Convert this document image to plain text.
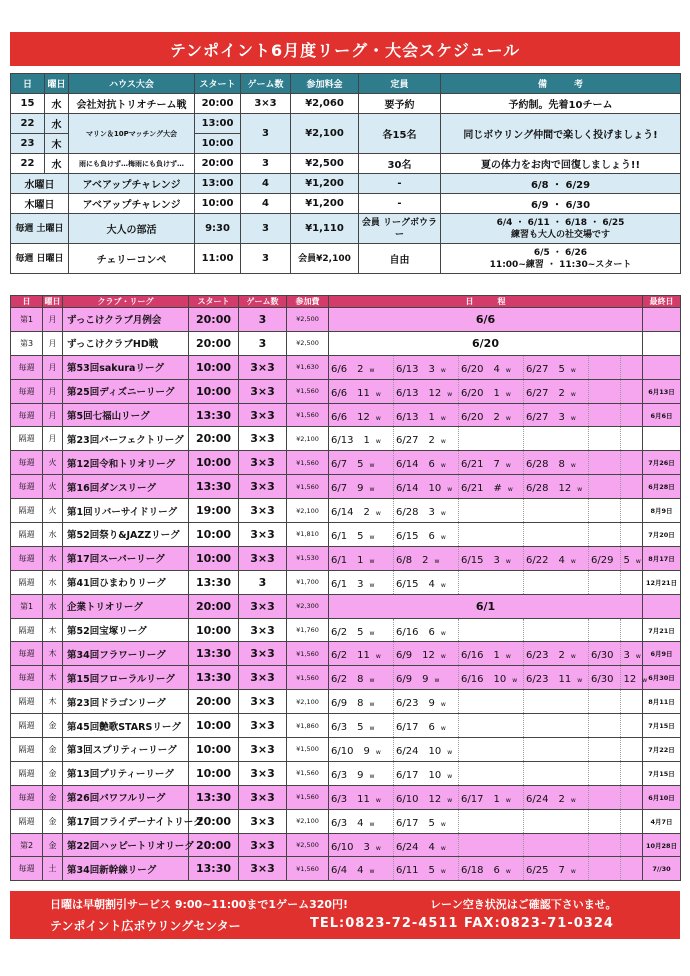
テンポイント6月度リーグ・大会スケジュール
日	曜日	ハウス大会	スタート	ゲーム数	参加料金	定員	備　　　考
15	水	会社対抗トリオチーム戦	20:00	3×3	¥2,060	要予約	予約制。先着10チーム
22	水	マリン＆10Pマッチング大会	13:00	3	¥2,100	各15名	同じボウリング仲間で楽しく投げましょう!
23	木		10:00				
22	水	雨にも負けず…梅雨にも負けず…	20:00	3	¥2,500	30名	夏の体力をお肉で回復しましょう!!
水曜日		アベアップチャレンジ	13:00	4	¥1,200	-	6/8 ・ 6/29
木曜日		アベアップチャレンジ	10:00	4	¥1,200	-	6/9 ・ 6/30
毎週 土曜日		大人の部活	9:30	3	¥1,110	会員 リーグボウラー	6/4 ・ 6/11 ・ 6/18 ・ 6/25
練習も大人の社交場です

毎週 日曜日		チェリーコンペ	11:00	3	会員¥2,100	自由	6/5 ・ 6/26
11:00~練習 ・ 11:30~スタート
日	曜日	クラブ・リーグ	スタート	ゲーム数	参加費	日　　　程						最終日
第1	月	ずっこけクラブ月例会	20:00	3	¥2,500	6/6						
第3	月	ずっこけクラブHD戦	20:00	3	¥2,500	6/20						
毎週	月	第53回sakuraリーグ	10:00	3×3	¥1,630	6/6　2 w	6/13　3 w	6/20　4 w	6/27　5 w			
毎週	月	第25回ディズニーリーグ	10:00	3×3	¥1,560	6/6　11 w	6/13　12 w	6/20　1 w	6/27　2 w			6月13日
毎週	月	第5回七福山リーグ	13:30	3×3	¥1,560	6/6　12 w	6/13　1 w	6/20　2 w	6/27　3 w			6月6日
隔週	月	第23回パーフェクトリーグ	20:00	3×3	¥2,100	6/13　1 w	6/27　2 w					
毎週	火	第12回令和トリオリーグ	10:00	3×3	¥1,560	6/7　5 w	6/14　6 w	6/21　7 w	6/28　8 w			7月26日
毎週	火	第16回ダンスリーグ	13:30	3×3	¥1,560	6/7　9 w	6/14　10 w	6/21　# w	6/28　12 w			6月28日
隔週	火	第1回リバーサイドリーグ	19:00	3×3	¥2,100	6/14　2 w	6/28　3 w					8月9日
隔週	水	第52回祭り&JAZZリーグ	10:00	3×3	¥1,810	6/1　5 w	6/15　6 w					7月20日
毎週	水	第17回スーパーリーグ	10:00	3×3	¥1,530	6/1　1 w	6/8　2 w	6/15　3 w	6/22　4 w	6/29　5 w		8月17日
隔週	水	第41回ひまわりリーグ	13:30	3	¥1,700	6/1　3 w	6/15　4 w					12月21日
第1	水	企業トリオリーグ	20:00	3×3	¥2,300	6/1						
隔週	木	第52回宝塚リーグ	10:00	3×3	¥1,760	6/2　5 w	6/16　6 w					7月21日
毎週	木	第34回フラワーリーグ	13:30	3×3	¥1,560	6/2　11 w	6/9　12 w	6/16　1 w	6/23　2 w	6/30　3 w		6月9日
毎週	木	第15回フローラルリーグ	13:30	3×3	¥1,560	6/2　8 w	6/9　9 w	6/16　10 w	6/23　11 w	6/30　12 w		6月30日
隔週	木	第23回ドラゴンリーグ	20:00	3×3	¥2,100	6/9　8 w	6/23　9 w					8月11日
隔週	金	第45回艶歌STARSリーグ	10:00	3×3	¥1,860	6/3　5 w	6/17　6 w					7月15日
隔週	金	第3回スプリティーリーグ	10:00	3×3	¥1,500	6/10　9 w	6/24　10 w					7月22日
隔週	金	第13回プリティーリーグ	10:00	3×3	¥1,560	6/3　9 w	6/17　10 w					7月15日
毎週	金	第26回パワフルリーグ	13:30	3×3	¥1,560	6/3　11 w	6/10　12 w	6/17　1 w	6/24　2 w			6月10日
隔週	金	第17回フライデーナイトリーグ	20:00	3×3	¥2,100	6/3　4 w	6/17　5 w					4月7日
第2	金	第22回ハッピートリオリーグ	20:00	3×3	¥2,500	6/10　3 w	6/24　4 w					10月28日
毎週	土	第34回新幹線リーグ	13:30	3×3	¥1,560	6/4　4 w	6/11　5 w	6/18　6 w	6/25　7 w			7//30
日曜は早朝割引サービス 9:00~11:00まで1ゲーム320円!	レーン空き状況はご確認下さいませ。
テンポイント広ボウリングセンター	TEL:0823-72-4511 FAX:0823-71-0324
